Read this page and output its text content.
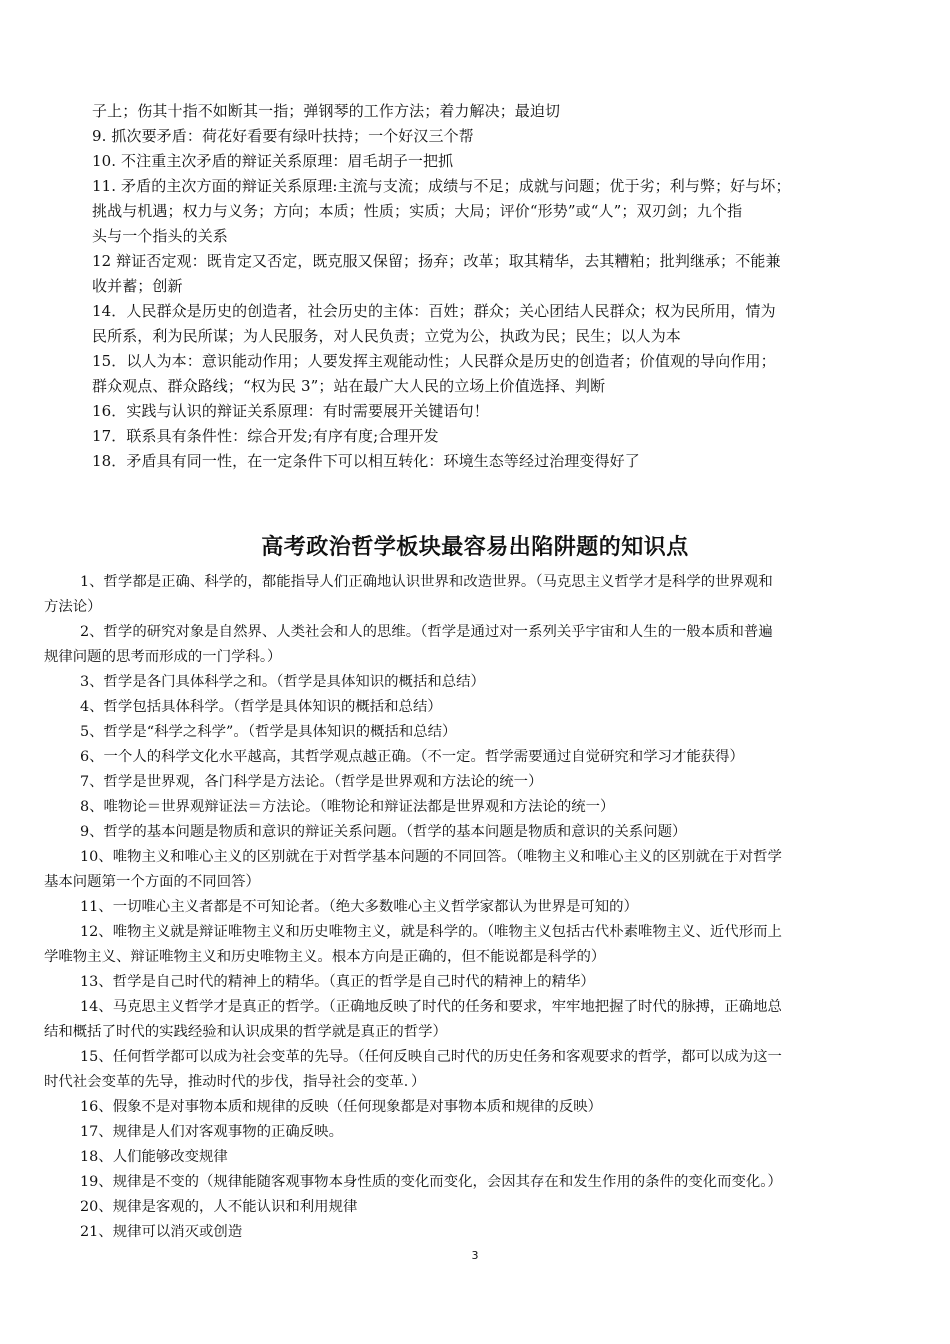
子上；伤其十指不如断其一指；弹钢琴的工作方法；着力解决；最迫切
9. 抓次要矛盾：荷花好看要有绿叶扶持；一个好汉三个帮
10. 不注重主次矛盾的辩证关系原理：眉毛胡子一把抓
11. 矛盾的主次方面的辩证关系原理:主流与支流；成绩与不足；成就与问题；优于劣；利与弊；好与坏；
挑战与机遇；权力与义务；方向；本质；性质；实质；大局；评价“形势”或“人”；双刃剑；九个指
头与一个指头的关系
12 辩证否定观：既肯定又否定，既克服又保留；扬弃；改革；取其精华，去其糟粕；批判继承；不能兼
收并蓄；创新
14．人民群众是历史的创造者，社会历史的主体：百姓；群众；关心团结人民群众；权为民所用，情为
民所系，利为民所谋；为人民服务，对人民负责；立党为公，执政为民；民生；以人为本
15．以人为本：意识能动作用；人要发挥主观能动性；人民群众是历史的创造者；价值观的导向作用；
群众观点、群众路线；“权为民 3”；站在最广大人民的立场上价值选择、判断
16．实践与认识的辩证关系原理：有时需要展开关键语句！
17．联系具有条件性：综合开发;有序有度;合理开发
18．矛盾具有同一性，在一定条件下可以相互转化：环境生态等经过治理变得好了
高考政治哲学板块最容易出陷阱题的知识点
1、哲学都是正确、科学的，都能指导人们正确地认识世界和改造世界。（马克思主义哲学才是科学的世界观和
方法论）
2、哲学的研究对象是自然界、人类社会和人的思维。（哲学是通过对一系列关乎宇宙和人生的一般本质和普遍
规律问题的思考而形成的一门学科。）
3、哲学是各门具体科学之和。（哲学是具体知识的概括和总结）
4、哲学包括具体科学。（哲学是具体知识的概括和总结）
5、哲学是“科学之科学”。（哲学是具体知识的概括和总结）
6、一个人的科学文化水平越高，其哲学观点越正确。（不一定。哲学需要通过自觉研究和学习才能获得）
7、哲学是世界观，各门科学是方法论。（哲学是世界观和方法论的统一）
8、唯物论＝世界观辩证法＝方法论。（唯物论和辩证法都是世界观和方法论的统一）
9、哲学的基本问题是物质和意识的辩证关系问题。（哲学的基本问题是物质和意识的关系问题）
10、唯物主义和唯心主义的区别就在于对哲学基本问题的不同回答。（唯物主义和唯心主义的区别就在于对哲学
基本问题第一个方面的不同回答）
11、一切唯心主义者都是不可知论者。（绝大多数唯心主义哲学家都认为世界是可知的）
12、唯物主义就是辩证唯物主义和历史唯物主义，就是科学的。（唯物主义包括古代朴素唯物主义、近代形而上
学唯物主义、辩证唯物主义和历史唯物主义。根本方向是正确的，但不能说都是科学的）
13、哲学是自己时代的精神上的精华。（真正的哲学是自己时代的精神上的精华）
14、马克思主义哲学才是真正的哲学。（正确地反映了时代的任务和要求，牢牢地把握了时代的脉搏，正确地总
结和概括了时代的实践经验和认识成果的哲学就是真正的哲学）
15、任何哲学都可以成为社会变革的先导。（任何反映自己时代的历史任务和客观要求的哲学，都可以成为这一
时代社会变革的先导，推动时代的步伐，指导社会的变革．）
16、假象不是对事物本质和规律的反映（任何现象都是对事物本质和规律的反映）
17、规律是人们对客观事物的正确反映。
18、人们能够改变规律
19、规律是不变的（规律能随客观事物本身性质的变化而变化，会因其存在和发生作用的条件的变化而变化。）
20、规律是客观的，人不能认识和利用规律
21、规律可以消灭或创造
3
